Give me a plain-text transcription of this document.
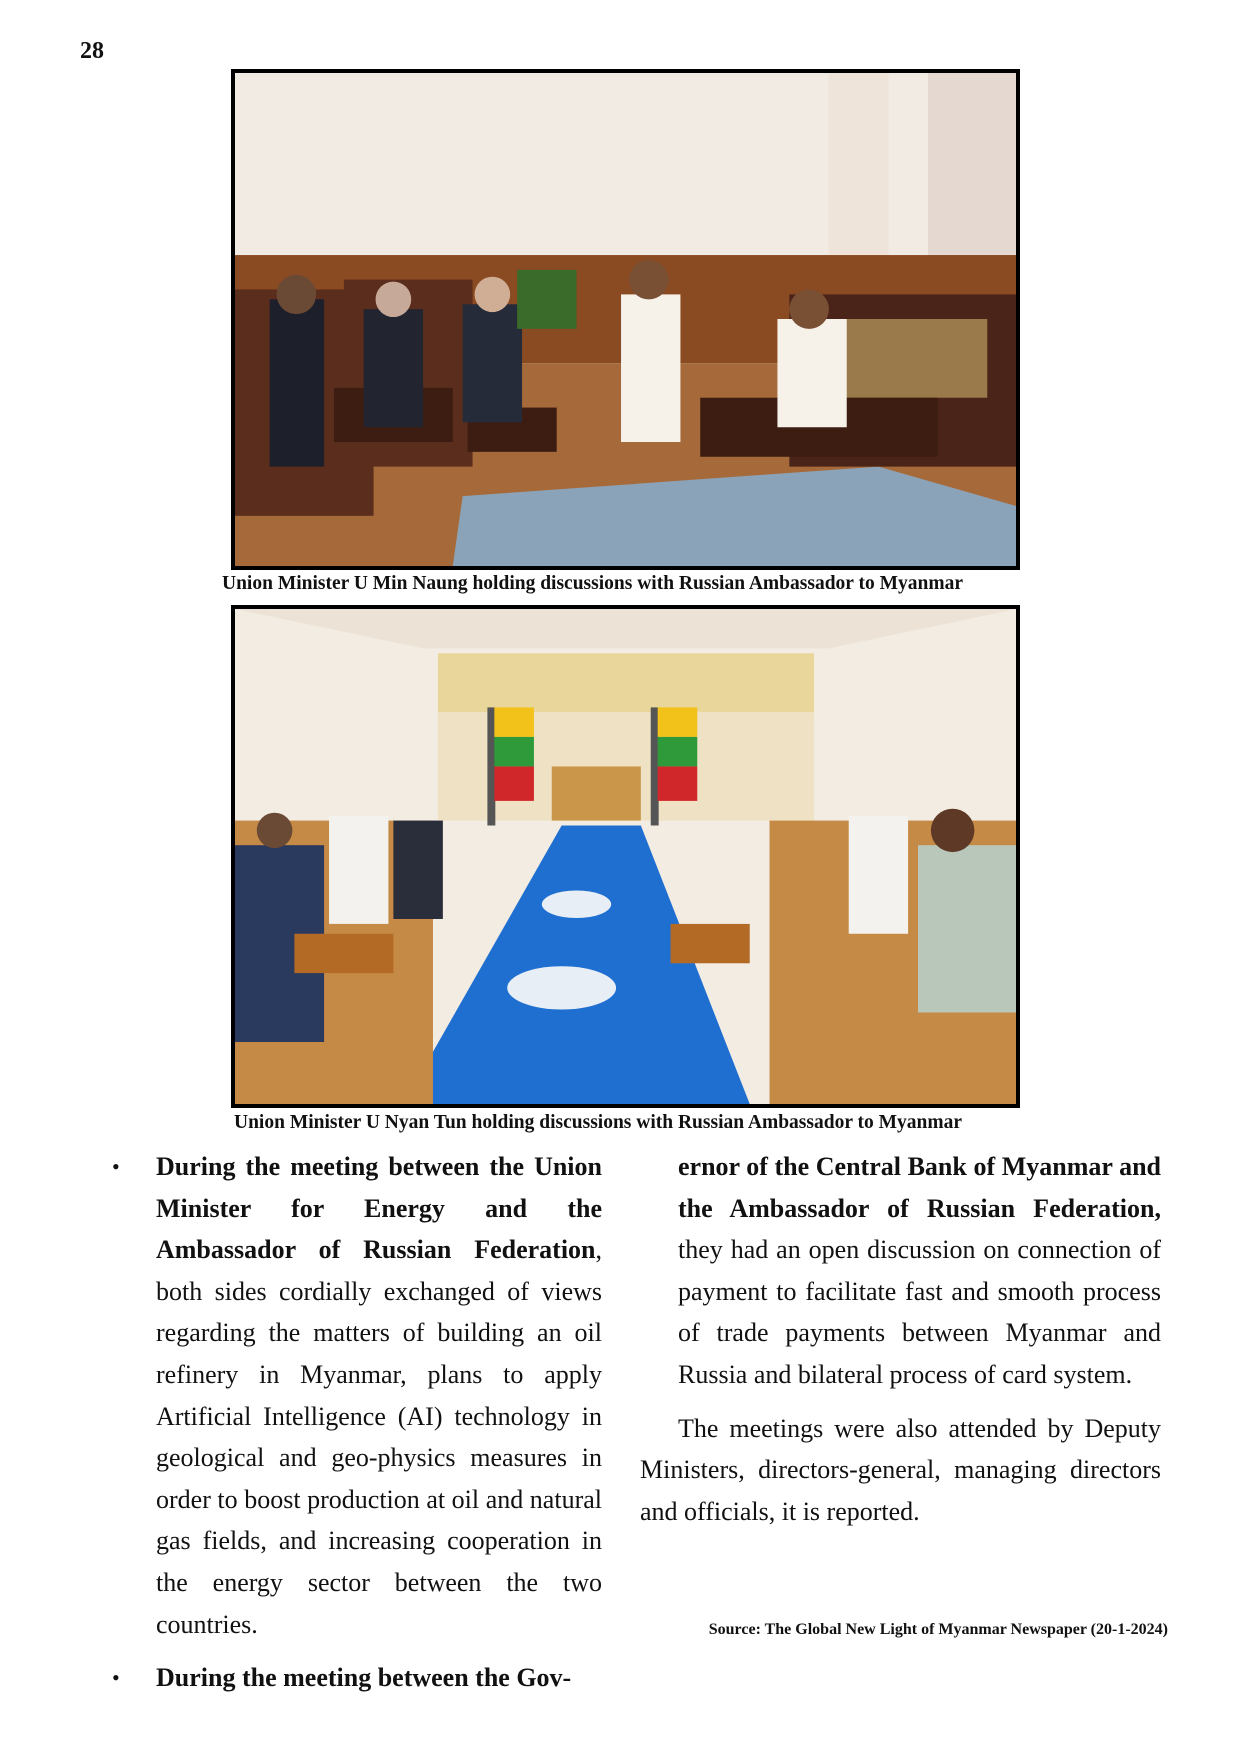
28
Union Minister U Min Naung holding discussions with Russian Ambassador to Myanmar
Union Minister U Nyan Tun holding discussions with Russian Ambassador to Myanmar
• During the meeting between the Union Minister for Energy and the Ambassador of Russian Federation, both sides cordially exchanged of views regarding the matters of building an oil refinery in Myanmar, plans to apply Artificial Intelligence (AI) technology in geological and geo-physics measures in order to boost production at oil and natural gas fields, and increasing cooperation in the energy sector between the two countries.
• During the meeting between the Gov-

ernor of the Central Bank of Myanmar and the Ambassador of Russian Federation, they had an open discussion on connection of payment to facilitate fast and smooth process of trade payments between Myanmar and Russia and bilateral process of card system.

The meetings were also attended by Deputy Ministers, directors-general, managing directors and officials, it is reported.

Source: The Global New Light of Myanmar Newspaper (20-1-2024)
